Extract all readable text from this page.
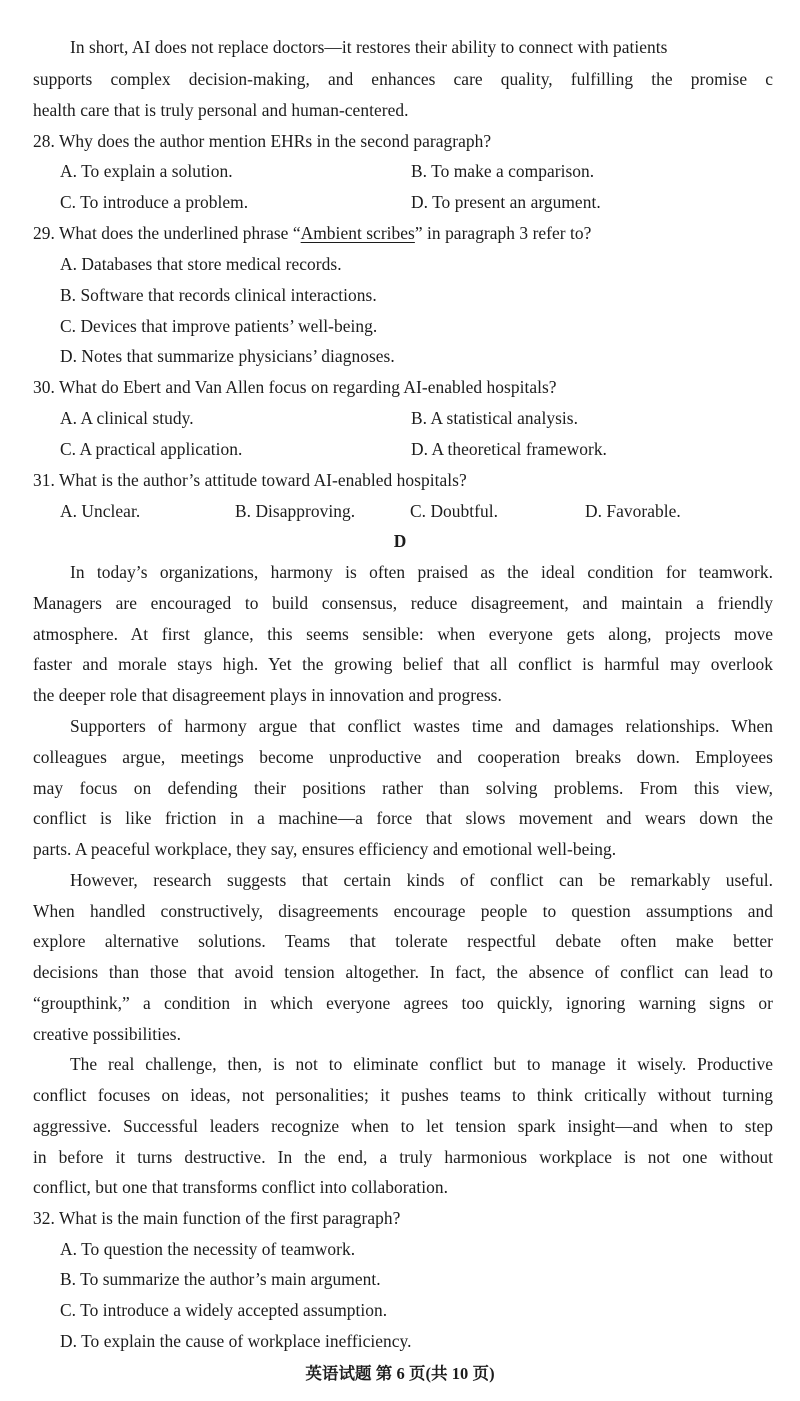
In short, AI does not replace doctors—it restores their ability to connect with patients
supports complex decision-making, and enhances care quality, fulfilling the promise c
health care that is truly personal and human-centered.
28. Why does the author mention EHRs in the second paragraph?
A. To explain a solution.	B. To make a comparison.
C. To introduce a problem.	D. To present an argument.
29. What does the underlined phrase “Ambient scribes” in paragraph 3 refer to?
A. Databases that store medical records.
B. Software that records clinical interactions.
C. Devices that improve patients’ well-being.
D. Notes that summarize physicians’ diagnoses.
30. What do Ebert and Van Allen focus on regarding AI-enabled hospitals?
A. A clinical study.	B. A statistical analysis.
C. A practical application.	D. A theoretical framework.
31. What is the author’s attitude toward AI-enabled hospitals?
A. Unclear.	B. Disapproving.	C. Doubtful.	D. Favorable.
D
In today’s organizations, harmony is often praised as the ideal condition for teamwork.
Managers are encouraged to build consensus, reduce disagreement, and maintain a friendly
atmosphere. At first glance, this seems sensible: when everyone gets along, projects move
faster and morale stays high. Yet the growing belief that all conflict is harmful may overlook
the deeper role that disagreement plays in innovation and progress.
Supporters of harmony argue that conflict wastes time and damages relationships. When
colleagues argue, meetings become unproductive and cooperation breaks down. Employees
may focus on defending their positions rather than solving problems. From this view,
conflict is like friction in a machine—a force that slows movement and wears down the
parts. A peaceful workplace, they say, ensures efficiency and emotional well-being.
However, research suggests that certain kinds of conflict can be remarkably useful.
When handled constructively, disagreements encourage people to question assumptions and
explore alternative solutions. Teams that tolerate respectful debate often make better
decisions than those that avoid tension altogether. In fact, the absence of conflict can lead to
“groupthink,” a condition in which everyone agrees too quickly, ignoring warning signs or
creative possibilities.
The real challenge, then, is not to eliminate conflict but to manage it wisely. Productive
conflict focuses on ideas, not personalities; it pushes teams to think critically without turning
aggressive. Successful leaders recognize when to let tension spark insight—and when to step
in before it turns destructive. In the end, a truly harmonious workplace is not one without
conflict, but one that transforms conflict into collaboration.
32. What is the main function of the first paragraph?
A. To question the necessity of teamwork.
B. To summarize the author’s main argument.
C. To introduce a widely accepted assumption.
D. To explain the cause of workplace inefficiency.
英语试题 第 6 页(共 10 页)
